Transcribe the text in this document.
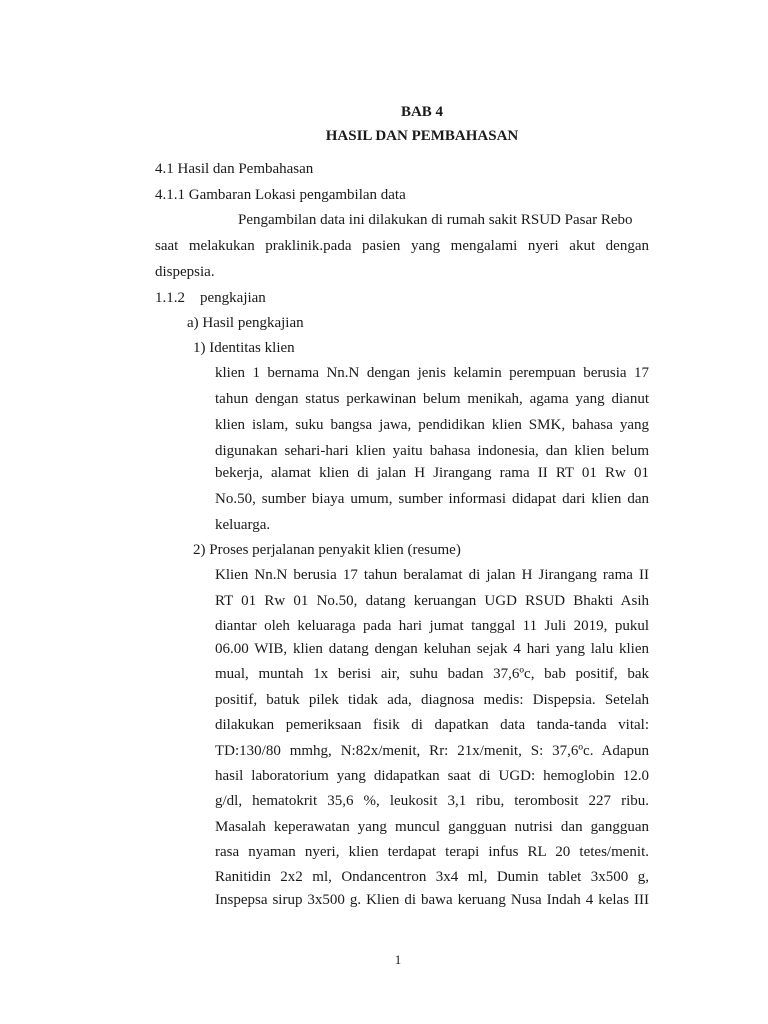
BAB 4
HASIL DAN PEMBAHASAN
4.1 Hasil dan Pembahasan
4.1.1 Gambaran Lokasi pengambilan data
Pengambilan data ini dilakukan di rumah sakit RSUD Pasar Rebo
saat melakukan praklinik.pada pasien yang mengalami nyeri akut dengan
dispepsia.
1.1.2 pengkajian
a) Hasil pengkajian
1) Identitas klien
klien 1 bernama Nn.N dengan jenis kelamin perempuan berusia 17
tahun dengan status perkawinan belum menikah, agama yang dianut
klien islam, suku bangsa jawa, pendidikan klien SMK, bahasa yang
digunakan sehari-hari klien yaitu bahasa indonesia, dan klien belum
bekerja, alamat klien di jalan H Jirangang rama II RT 01 Rw 01
No.50, sumber biaya umum, sumber informasi didapat dari klien dan
keluarga.
2) Proses perjalanan penyakit klien (resume)
Klien Nn.N berusia 17 tahun beralamat di jalan H Jirangang rama II
RT 01 Rw 01 No.50, datang keruangan UGD RSUD Bhakti Asih
diantar oleh keluaraga pada hari jumat tanggal 11 Juli 2019, pukul
06.00 WIB, klien datang dengan keluhan sejak 4 hari yang lalu klien
mual, muntah 1x berisi air, suhu badan 37,6ºc, bab positif, bak
positif, batuk pilek tidak ada, diagnosa medis: Dispepsia. Setelah
dilakukan pemeriksaan fisik di dapatkan data tanda-tanda vital:
TD:130/80 mmhg, N:82x/menit, Rr: 21x/menit, S: 37,6ºc. Adapun
hasil laboratorium yang didapatkan saat di UGD: hemoglobin 12.0
g/dl, hematokrit 35,6 %, leukosit 3,1 ribu, terombosit 227 ribu.
Masalah keperawatan yang muncul gangguan nutrisi dan gangguan
rasa nyaman nyeri, klien terdapat terapi infus RL 20 tetes/menit.
Ranitidin 2x2 ml, Ondancentron 3x4 ml, Dumin tablet 3x500 g,
Inspepsa sirup 3x500 g. Klien di bawa keruang Nusa Indah 4 kelas III
1
